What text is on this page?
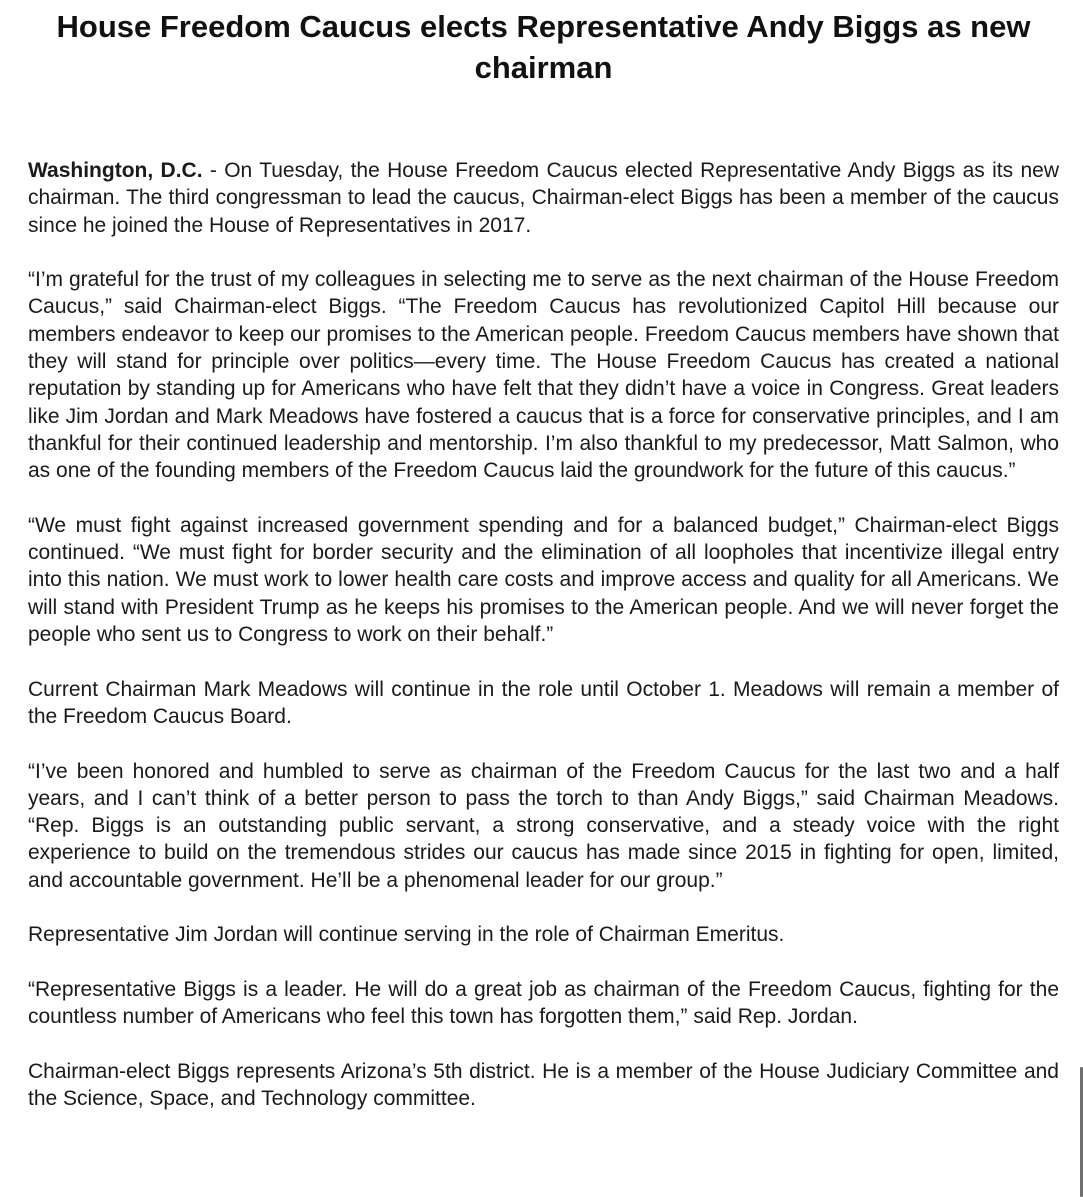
House Freedom Caucus elects Representative Andy Biggs as new chairman

Washington, D.C. - On Tuesday, the House Freedom Caucus elected Representative Andy Biggs as its new chairman. The third congressman to lead the caucus, Chairman-elect Biggs has been a member of the caucus since he joined the House of Representatives in 2017.

“I’m grateful for the trust of my colleagues in selecting me to serve as the next chairman of the House Freedom Caucus,” said Chairman-elect Biggs. “The Freedom Caucus has revolutionized Capitol Hill because our members endeavor to keep our promises to the American people. Freedom Caucus members have shown that they will stand for principle over politics—every time. The House Freedom Caucus has created a national reputation by standing up for Americans who have felt that they didn’t have a voice in Congress. Great leaders like Jim Jordan and Mark Meadows have fostered a caucus that is a force for conservative principles, and I am thankful for their continued leadership and mentorship. I’m also thankful to my predecessor, Matt Salmon, who as one of the founding members of the Freedom Caucus laid the groundwork for the future of this caucus.”

“We must fight against increased government spending and for a balanced budget,” Chairman-elect Biggs continued. “We must fight for border security and the elimination of all loopholes that incentivize illegal entry into this nation. We must work to lower health care costs and improve access and quality for all Americans. We will stand with President Trump as he keeps his promises to the American people. And we will never forget the people who sent us to Congress to work on their behalf.”

Current Chairman Mark Meadows will continue in the role until October 1. Meadows will remain a member of the Freedom Caucus Board.

“I’ve been honored and humbled to serve as chairman of the Freedom Caucus for the last two and a half years, and I can’t think of a better person to pass the torch to than Andy Biggs,” said Chairman Meadows. “Rep. Biggs is an outstanding public servant, a strong conservative, and a steady voice with the right experience to build on the tremendous strides our caucus has made since 2015 in fighting for open, limited, and accountable government. He’ll be a phenomenal leader for our group.”

Representative Jim Jordan will continue serving in the role of Chairman Emeritus.

“Representative Biggs is a leader. He will do a great job as chairman of the Freedom Caucus, fighting for the countless number of Americans who feel this town has forgotten them,” said Rep. Jordan.

Chairman-elect Biggs represents Arizona’s 5th district. He is a member of the House Judiciary Committee and the Science, Space, and Technology committee.
